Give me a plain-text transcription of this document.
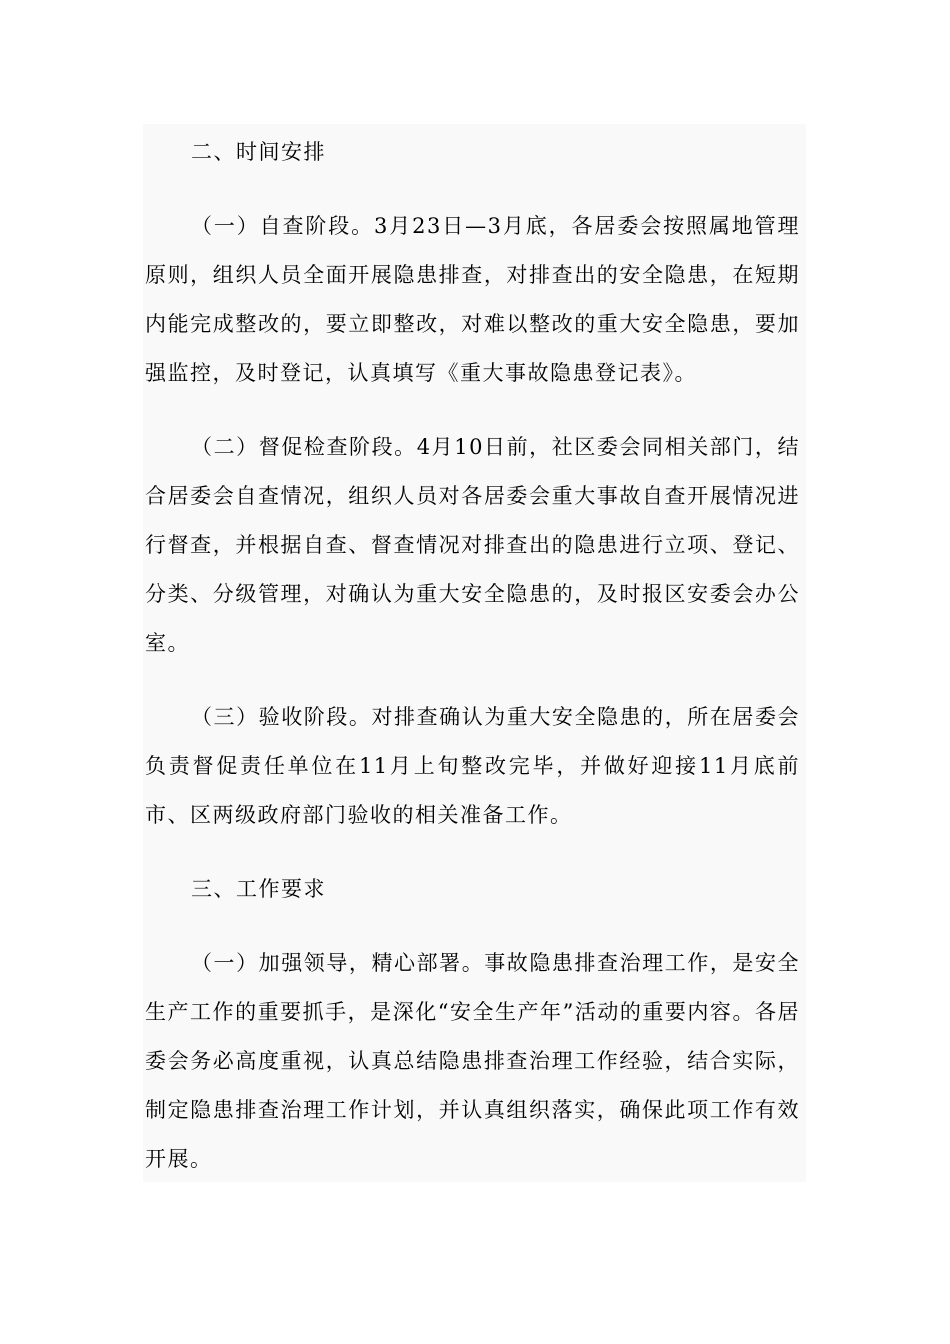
二、时间安排
（一）自查阶段。3月23日—3月底，各居委会按照属地管理原则，组织人员全面开展隐患排查，对排查出的安全隐患，在短期内能完成整改的，要立即整改，对难以整改的重大安全隐患，要加强监控，及时登记，认真填写《重大事故隐患登记表》。
（二）督促检查阶段。4月10日前，社区委会同相关部门，结合居委会自查情况，组织人员对各居委会重大事故自查开展情况进行督查，并根据自查、督查情况对排查出的隐患进行立项、登记、分类、分级管理，对确认为重大安全隐患的，及时报区安委会办公室。
（三）验收阶段。对排查确认为重大安全隐患的，所在居委会负责督促责任单位在11月上旬整改完毕，并做好迎接11月底前市、区两级政府部门验收的相关准备工作。
三、工作要求
（一）加强领导，精心部署。事故隐患排查治理工作，是安全生产工作的重要抓手，是深化“安全生产年”活动的重要内容。各居委会务必高度重视，认真总结隐患排查治理工作经验，结合实际，制定隐患排查治理工作计划，并认真组织落实，确保此项工作有效开展。
